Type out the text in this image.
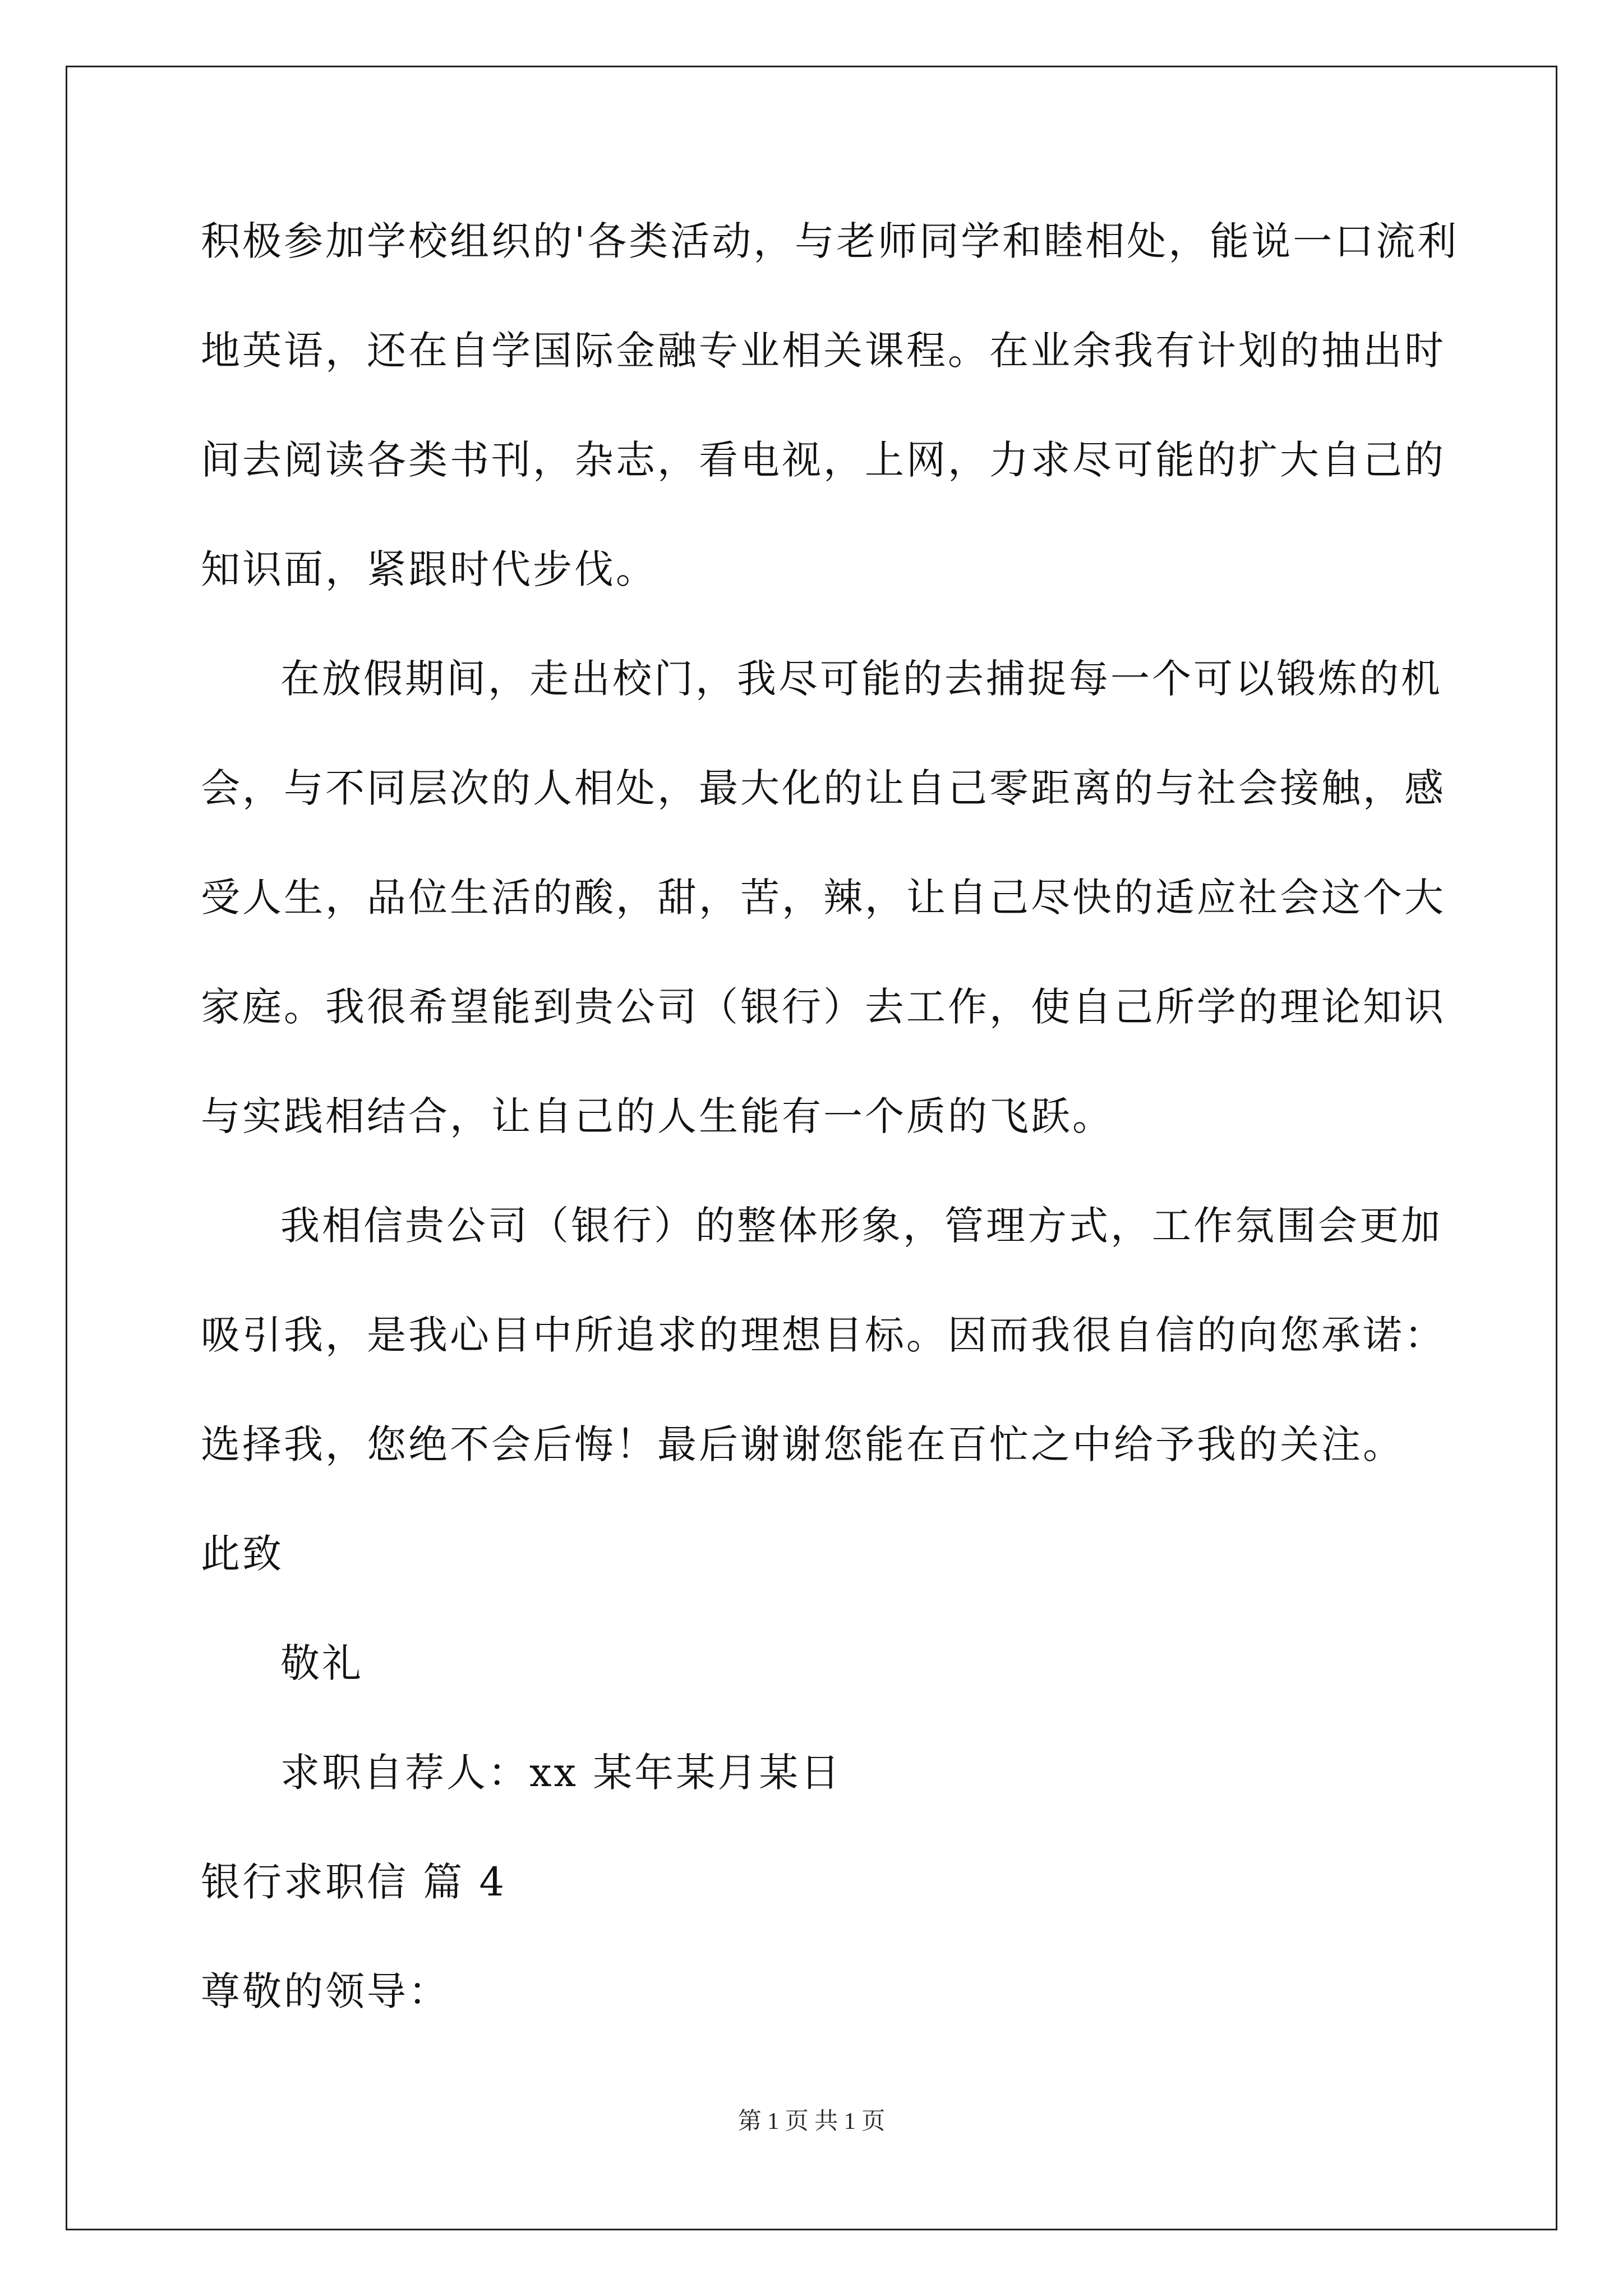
积极参加学校组织的'各类活动，与老师同学和睦相处，能说一口流利
地英语，还在自学国际金融专业相关课程。在业余我有计划的抽出时
间去阅读各类书刊，杂志，看电视，上网，力求尽可能的扩大自己的
知识面，紧跟时代步伐。
在放假期间，走出校门，我尽可能的去捕捉每一个可以锻炼的机
会，与不同层次的人相处，最大化的让自己零距离的与社会接触，感
受人生，品位生活的酸，甜，苦，辣，让自己尽快的适应社会这个大
家庭。我很希望能到贵公司（银行）去工作，使自己所学的理论知识
与实践相结合，让自己的人生能有一个质的飞跃。
我相信贵公司（银行）的整体形象，管理方式，工作氛围会更加
吸引我，是我心目中所追求的理想目标。因而我很自信的向您承诺：
选择我，您绝不会后悔！最后谢谢您能在百忙之中给予我的关注。
此致
敬礼
求职自荐人：xx 某年某月某日
银行求职信 篇 4
尊敬的领导：
第 1 页 共 1 页
